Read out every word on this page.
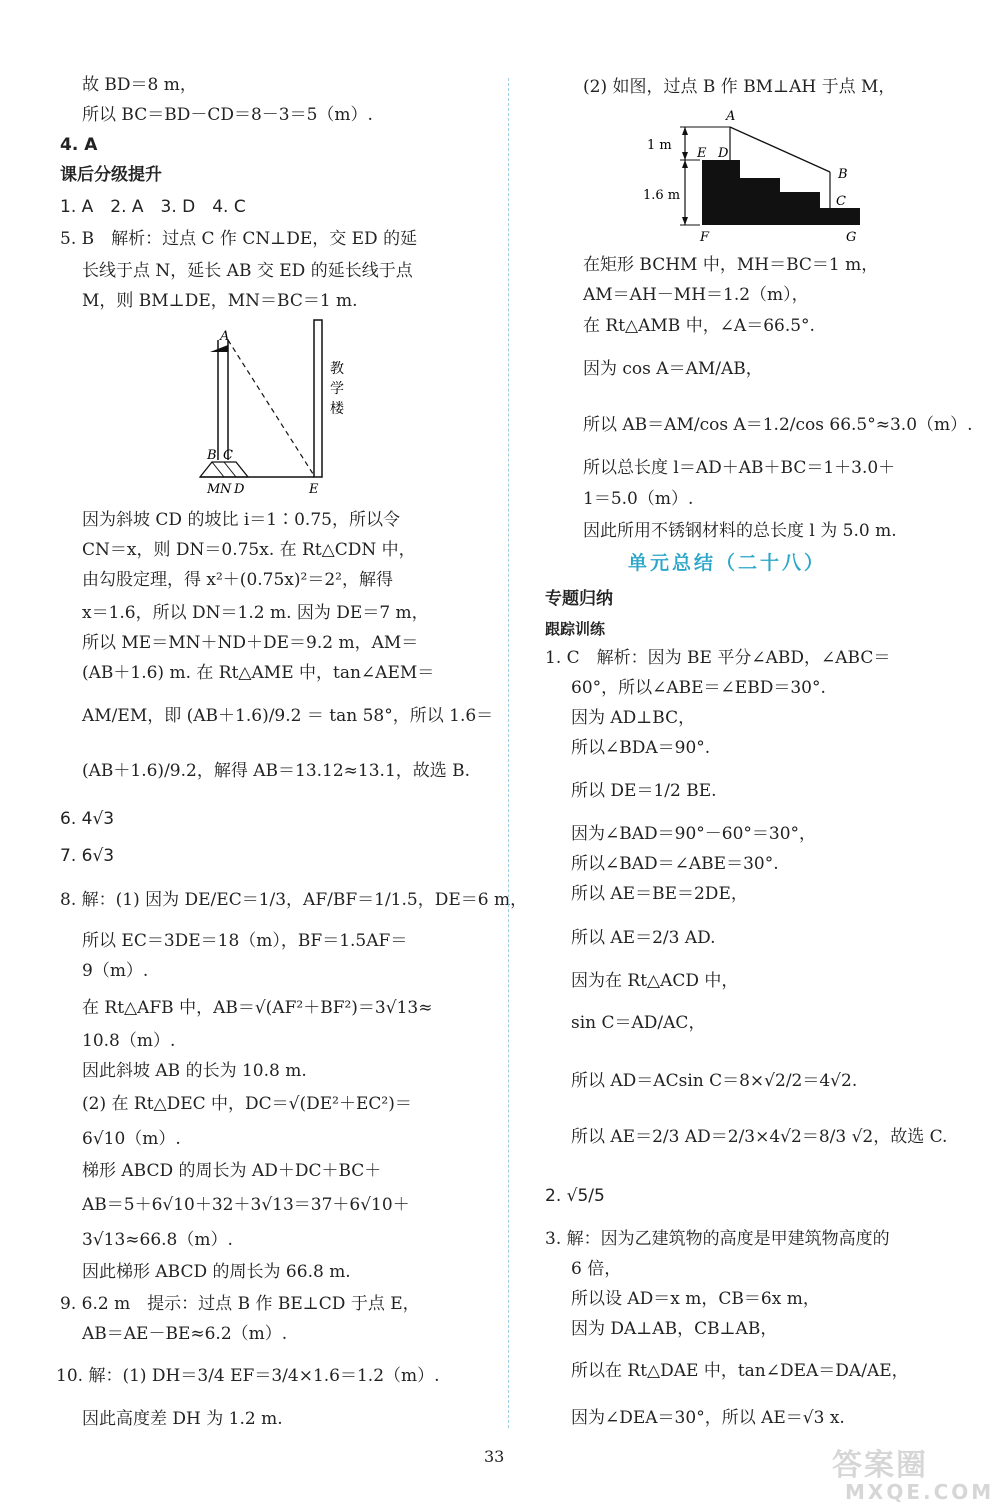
故 BD＝8 m，
所以 BC＝BD－CD＝8－3＝5（m）.
4. A
课后分级提升
1. A　2. A　3. D　4. C
5. B　解析：过点 C 作 CN⊥DE，交 ED 的延
长线于点 N，延长 AB 交 ED 的延长线于点
M，则 BM⊥DE，MN＝BC＝1 m.
A
B C
M N D	E
教
学
楼
因为斜坡 CD 的坡比 i＝1∶0.75，所以令
CN＝x，则 DN＝0.75x. 在 Rt△CDN 中，
由勾股定理，得 x²＋(0.75x)²＝2²，解得
x＝1.6，所以 DN＝1.2 m. 因为 DE＝7 m，
所以 ME＝MN＋ND＋DE＝9.2 m，AM＝
(AB＋1.6) m. 在 Rt△AME 中，tan∠AEM＝
AM/EM，即 (AB＋1.6)/9.2 ＝ tan 58°，所以 1.6＝
(AB＋1.6)/9.2，解得 AB＝13.12≈13.1，故选 B.
6. 4√3
7. 6√3
8. 解：(1) 因为 DE/EC＝1/3，AF/BF＝1/1.5，DE＝6 m，
所以 EC＝3DE＝18（m），BF＝1.5AF＝
9（m）.
在 Rt△AFB 中，AB＝√(AF²＋BF²)＝3√13≈
10.8（m）.
因此斜坡 AB 的长为 10.8 m.
(2) 在 Rt△DEC 中，DC＝√(DE²＋EC²)＝
6√10（m）.
梯形 ABCD 的周长为 AD＋DC＋BC＋
AB＝5＋6√10＋32＋3√13＝37＋6√10＋
3√13≈66.8（m）.
因此梯形 ABCD 的周长为 66.8 m.
9. 6.2 m　提示：过点 B 作 BE⊥CD 于点 E，
AB＝AE－BE≈6.2（m）.
10. 解：(1) DH＝3/4 EF＝3/4×1.6＝1.2（m）.
因此高度差 DH 为 1.2 m.
(2) 如图，过点 B 作 BM⊥AH 于点 M，
1 m
1.6 m
A
E D
B
C
F	G
在矩形 BCHM 中，MH＝BC＝1 m，
AM＝AH－MH＝1.2（m），
在 Rt△AMB 中，∠A＝66.5°.
因为 cos A＝AM/AB，
所以 AB＝AM/cos A＝1.2/cos 66.5°≈3.0（m）.
所以总长度 l＝AD＋AB＋BC＝1＋3.0＋
1＝5.0（m）.
因此所用不锈钢材料的总长度 l 为 5.0 m.
单元总结（二十八）
专题归纳
跟踪训练
1. C　解析：因为 BE 平分∠ABD，∠ABC＝
60°，所以∠ABE＝∠EBD＝30°.
因为 AD⊥BC，
所以∠BDA＝90°.
所以 DE＝1/2 BE.
因为∠BAD＝90°－60°＝30°，
所以∠BAD＝∠ABE＝30°.
所以 AE＝BE＝2DE，
所以 AE＝2/3 AD.
因为在 Rt△ACD 中，
sin C＝AD/AC，
所以 AD＝ACsin C＝8×√2/2＝4√2.
所以 AE＝2/3 AD＝2/3×4√2＝8/3 √2，故选 C.
2. √5/5
3. 解：因为乙建筑物的高度是甲建筑物高度的
6 倍，
所以设 AD＝x m，CB＝6x m，
因为 DA⊥AB，CB⊥AB，
所以在 Rt△DAE 中，tan∠DEA＝DA/AE，
因为∠DEA＝30°，所以 AE＝√3 x.
33	答案圈
MXQE.COM
